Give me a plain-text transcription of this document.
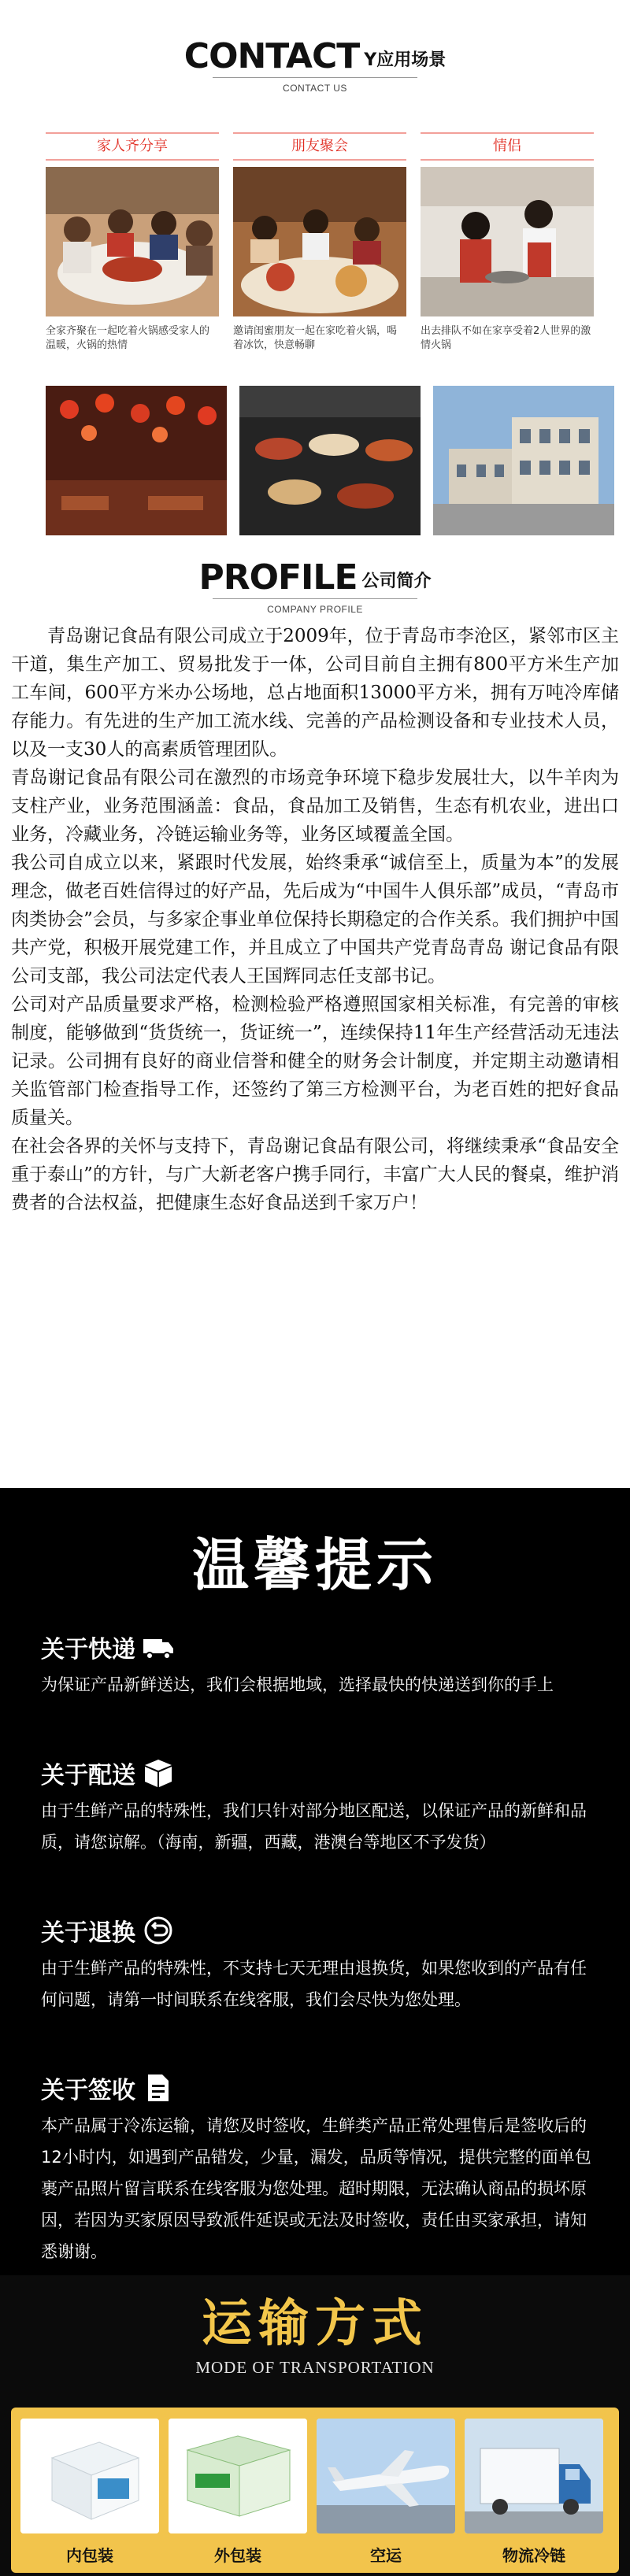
CONTACT Y应用场景
CONTACT US
家人齐分享
全家齐聚在一起吃着火锅感受家人的温暖，火锅的热情
朋友聚会
邀请闺蜜朋友一起在家吃着火锅，喝着冰饮，快意畅聊
情侣
出去排队不如在家享受着2人世界的激情火锅
PROFILE 公司简介
COMPANY PROFILE

　　青岛谢记食品有限公司成立于2009年，位于青岛市李沧区，紧邻市区主干道，集生产加工、贸易批发于一体，公司目前自主拥有800平方米生产加工车间，600平方米办公场地，总占地面积13000平方米，拥有万吨冷库储存能力。有先进的生产加工流水线、完善的产品检测设备和专业技术人员，以及一支30人的高素质管理团队。

青岛谢记食品有限公司在激烈的市场竞争环境下稳步发展壮大，以牛羊肉为支柱产业，业务范围涵盖：食品，食品加工及销售，生态有机农业，进出口业务，冷藏业务，冷链运输业务等，业务区域覆盖全国。

我公司自成立以来，紧跟时代发展，始终秉承“诚信至上，质量为本”的发展理念，做老百姓信得过的好产品，先后成为“中国牛人俱乐部”成员，“青岛市肉类协会”会员，与多家企事业单位保持长期稳定的合作关系。我们拥护中国共产党，积极开展党建工作，并且成立了中国共产党青岛青岛 谢记食品有限公司支部，我公司法定代表人王国辉同志任支部书记。

公司对产品质量要求严格，检测检验严格遵照国家相关标准，有完善的审核制度，能够做到“货货统一，货证统一”，连续保持11年生产经营活动无违法记录。公司拥有良好的商业信誉和健全的财务会计制度，并定期主动邀请相关监管部门检查指导工作，还签约了第三方检测平台，为老百姓的把好食品质量关。

在社会各界的关怀与支持下，青岛谢记食品有限公司，将继续秉承“食品安全重于泰山”的方针，与广大新老客户携手同行，丰富广大人民的餐桌，维护消费者的合法权益，把健康生态好食品送到千家万户！

温馨提示
关于快递
为保证产品新鲜送达，我们会根据地域，选择最快的快递送到你的手上
关于配送
由于生鲜产品的特殊性，我们只针对部分地区配送，以保证产品的新鲜和品质，请您谅解。（海南，新疆，西藏，港澳台等地区不予发货）
关于退换
由于生鲜产品的特殊性，不支持七天无理由退换货，如果您收到的产品有任何问题，请第一时间联系在线客服，我们会尽快为您处理。
关于签收
本产品属于冷冻运输，请您及时签收，生鲜类产品正常处理售后是签收后的12小时内，如遇到产品错发，少量，漏发，品质等情况，提供完整的面单包裹产品照片留言联系在线客服为您处理。超时期限，无法确认商品的损坏原因，若因为买家原因导致派件延误或无法及时签收，责任由买家承担，请知悉谢谢。
运输方式
MODE OF TRANSPORTATION
内包装	外包装	空运	物流冷链
